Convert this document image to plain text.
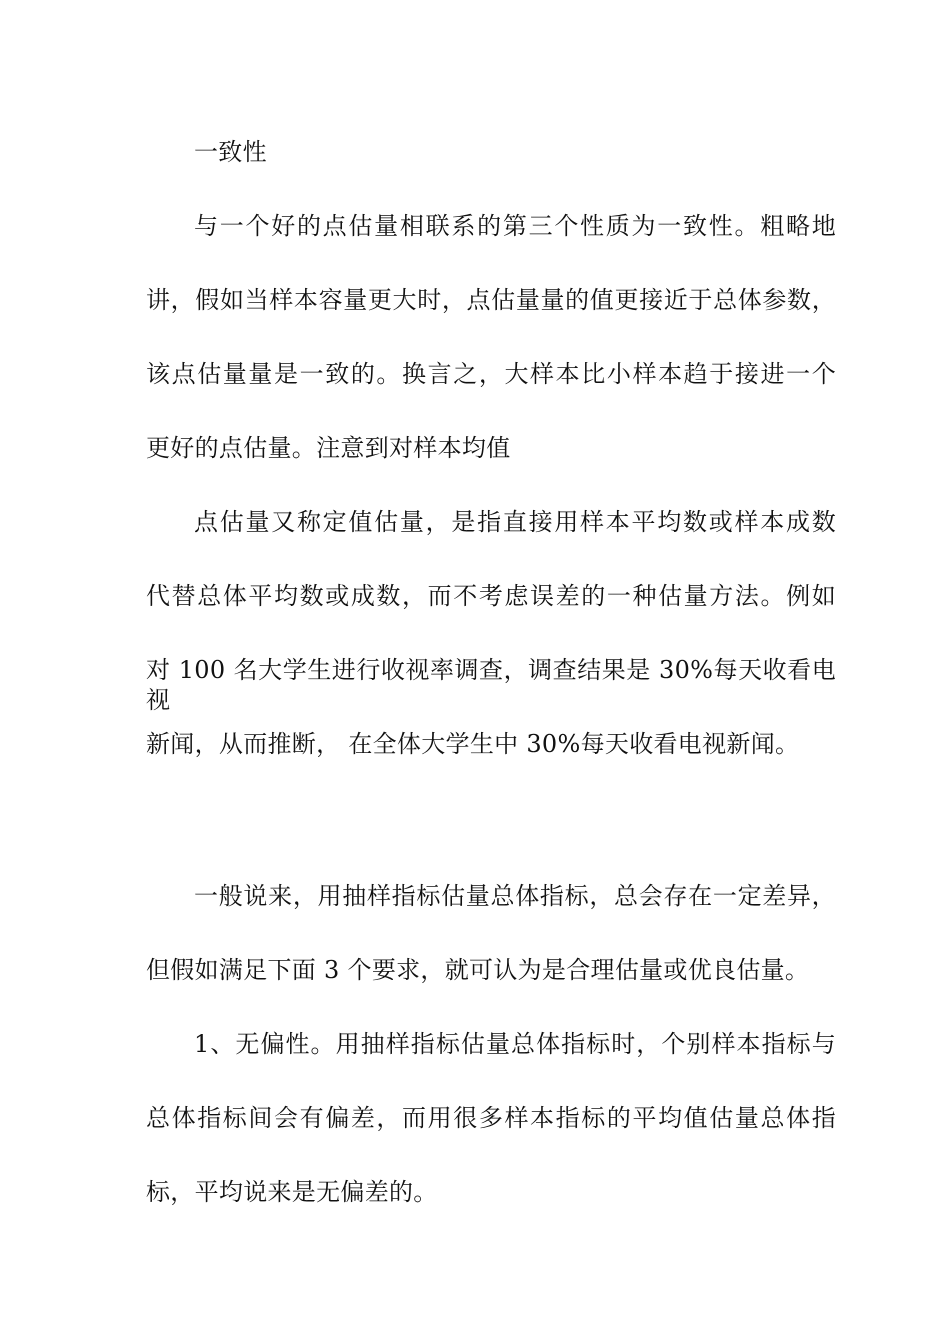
一致性
与一个好的点估量相联系的第三个性质为一致性。粗略地
讲，假如当样本容量更大时，点估量量的值更接近于总体参数，
该点估量量是一致的。换言之，大样本比小样本趋于接进一个
更好的点估量。注意到对样本均值
点估量又称定值估量，是指直接用样本平均数或样本成数
代替总体平均数或成数，而不考虑误差的一种估量方法。例如
对 100 名大学生进行收视率调查，调查结果是 30%每天收看电视
新闻，从而推断， 在全体大学生中 30%每天收看电视新闻。
一般说来，用抽样指标估量总体指标，总会存在一定差异，
但假如满足下面 3 个要求，就可认为是合理估量或优良估量。
1、无偏性。用抽样指标估量总体指标时，个别样本指标与
总体指标间会有偏差，而用很多样本指标的平均值估量总体指
标，平均说来是无偏差的。
